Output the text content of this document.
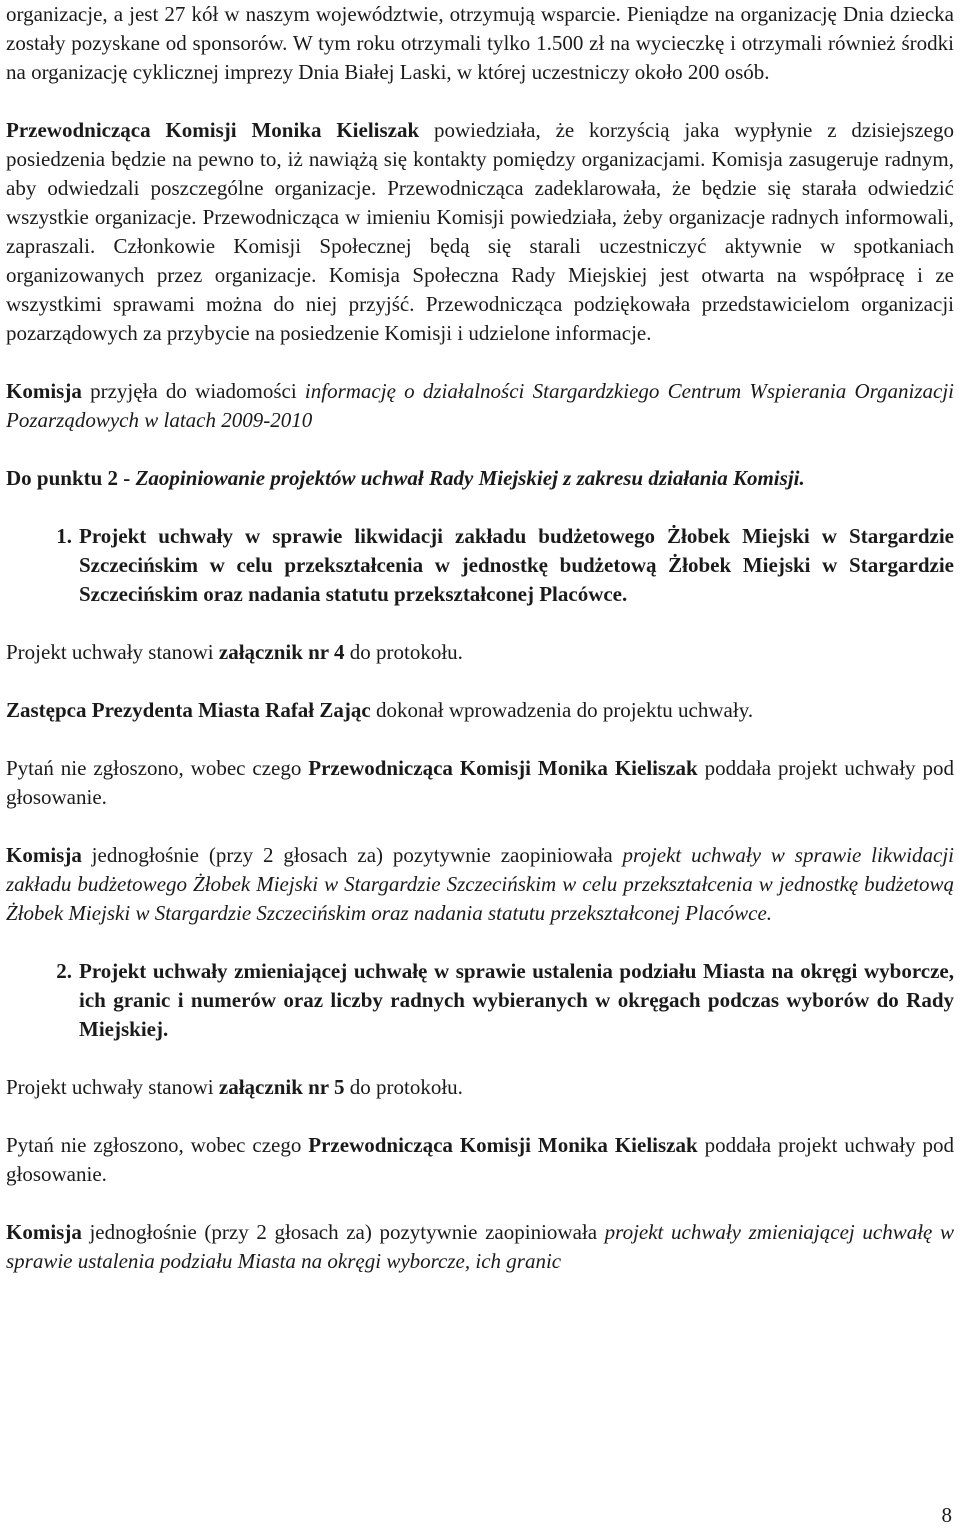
organizacje, a jest 27 kół w naszym województwie, otrzymują wsparcie. Pieniądze na organizację Dnia dziecka zostały pozyskane od sponsorów. W tym roku otrzymali tylko 1.500 zł na wycieczkę i otrzymali również środki na organizację cyklicznej imprezy Dnia Białej Laski, w której uczestniczy około 200 osób.

Przewodnicząca Komisji Monika Kieliszak powiedziała, że korzyścią jaka wypłynie z dzisiejszego posiedzenia będzie na pewno to, iż nawiążą się kontakty pomiędzy organizacjami. Komisja zasugeruje radnym, aby odwiedzali poszczególne organizacje. Przewodnicząca zadeklarowała, że będzie się starała odwiedzić wszystkie organizacje. Przewodnicząca w imieniu Komisji powiedziała, żeby organizacje radnych informowali, zapraszali. Członkowie Komisji Społecznej będą się starali uczestniczyć aktywnie w spotkaniach organizowanych przez organizacje. Komisja Społeczna Rady Miejskiej jest otwarta na współpracę i ze wszystkimi sprawami można do niej przyjść. Przewodnicząca podziękowała przedstawicielom organizacji pozarządowych za przybycie na posiedzenie Komisji i udzielone informacje.

Komisja przyjęła do wiadomości informację o działalności Stargardzkiego Centrum Wspierania Organizacji Pozarządowych w latach 2009-2010

Do punktu 2 - Zaopiniowanie projektów uchwał Rady Miejskiej z zakresu działania Komisji.

1. Projekt uchwały w sprawie likwidacji zakładu budżetowego Żłobek Miejski w Stargardzie Szczecińskim w celu przekształcenia w jednostkę budżetową Żłobek Miejski w Stargardzie Szczecińskim oraz nadania statutu przekształconej Placówce.

Projekt uchwały stanowi załącznik nr 4 do protokołu.

Zastępca Prezydenta Miasta Rafał Zając dokonał wprowadzenia do projektu uchwały.

Pytań nie zgłoszono, wobec czego Przewodnicząca Komisji Monika Kieliszak poddała projekt uchwały pod głosowanie.

Komisja jednogłośnie (przy 2 głosach za) pozytywnie zaopiniowała projekt uchwały w sprawie likwidacji zakładu budżetowego Żłobek Miejski w Stargardzie Szczecińskim w celu przekształcenia w jednostkę budżetową Żłobek Miejski w Stargardzie Szczecińskim oraz nadania statutu przekształconej Placówce.

2. Projekt uchwały zmieniającej uchwałę w sprawie ustalenia podziału Miasta na okręgi wyborcze, ich granic i numerów oraz liczby radnych wybieranych w okręgach podczas wyborów do Rady Miejskiej.

Projekt uchwały stanowi załącznik nr 5 do protokołu.

Pytań nie zgłoszono, wobec czego Przewodnicząca Komisji Monika Kieliszak poddała projekt uchwały pod głosowanie.

Komisja jednogłośnie (przy 2 głosach za) pozytywnie zaopiniowała projekt uchwały zmieniającej uchwałę w sprawie ustalenia podziału Miasta na okręgi wyborcze, ich granic

8
